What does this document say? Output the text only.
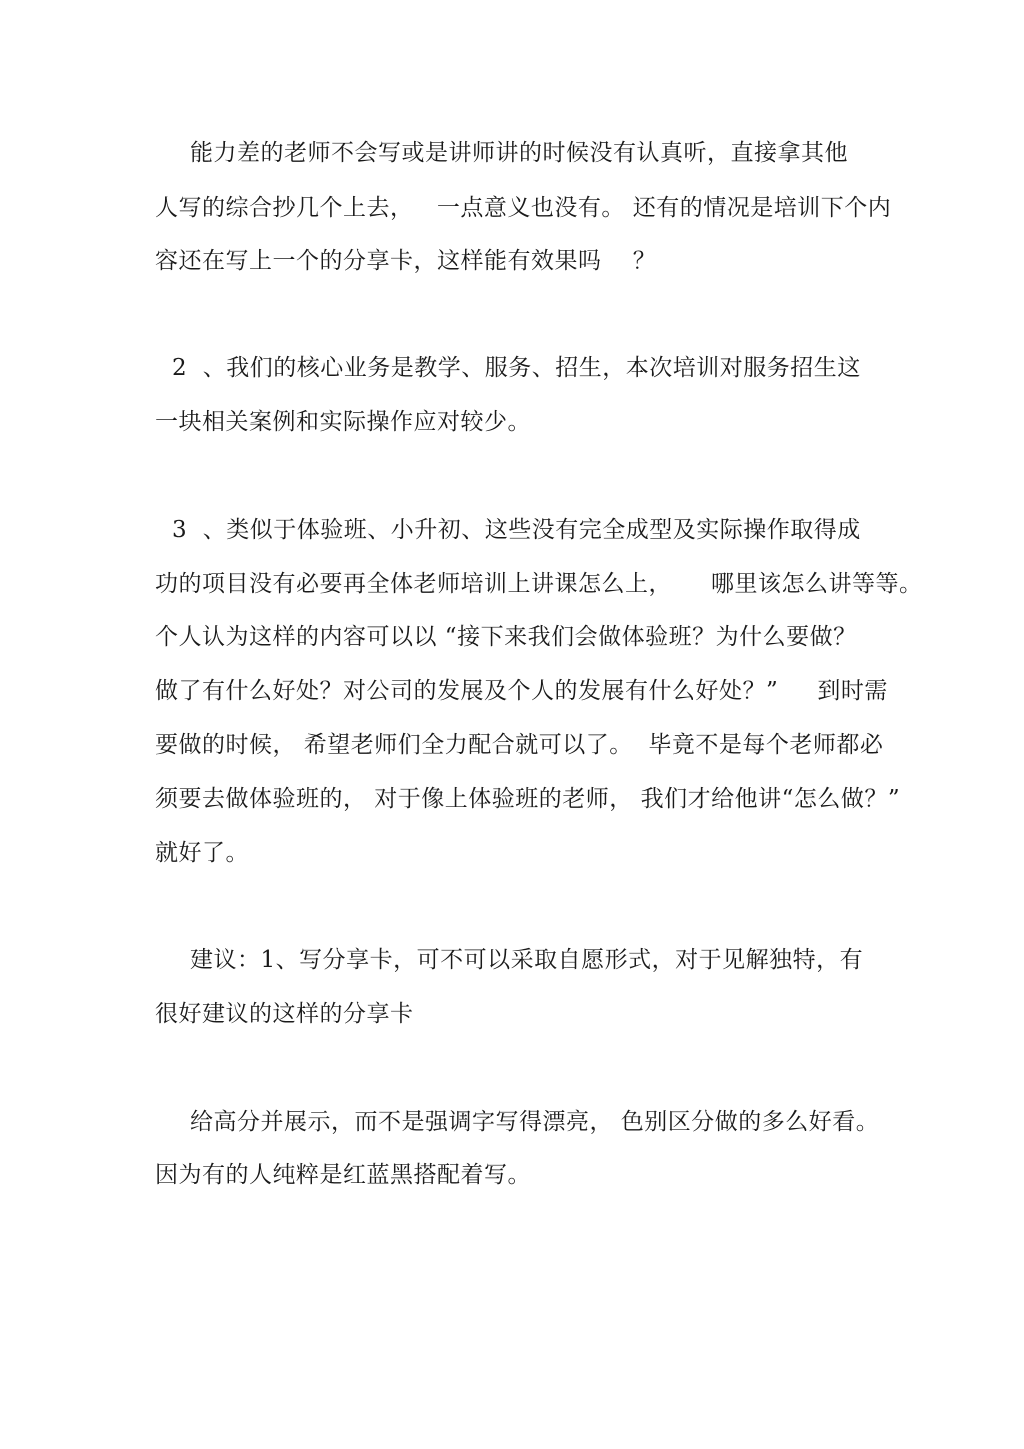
能力差的老师不会写或是讲师讲的时候没有认真听，直接拿其他
人写的综合抄几个上去，   一点意义也没有。 还有的情况是培训下个内
容还在写上一个的分享卡，这样能有效果吗    ？
2  、我们的核心业务是教学、服务、招生，本次培训对服务招生这
一块相关案例和实际操作应对较少。
3  、类似于体验班、小升初、这些没有完全成型及实际操作取得成
功的项目没有必要再全体老师培训上讲课怎么上，     哪里该怎么讲等等。
个人认为这样的内容可以以 “接下来我们会做体验班？为什么要做？
做了有什么好处？对公司的发展及个人的发展有什么好处？”     到时需
要做的时候， 希望老师们全力配合就可以了。  毕竟不是每个老师都必
须要去做体验班的， 对于像上体验班的老师， 我们才给他讲“怎么做？”
就好了。
建议：1、写分享卡，可不可以采取自愿形式，对于见解独特，有
很好建议的这样的分享卡
给高分并展示，而不是强调字写得漂亮， 色别区分做的多么好看。
因为有的人纯粹是红蓝黑搭配着写。
